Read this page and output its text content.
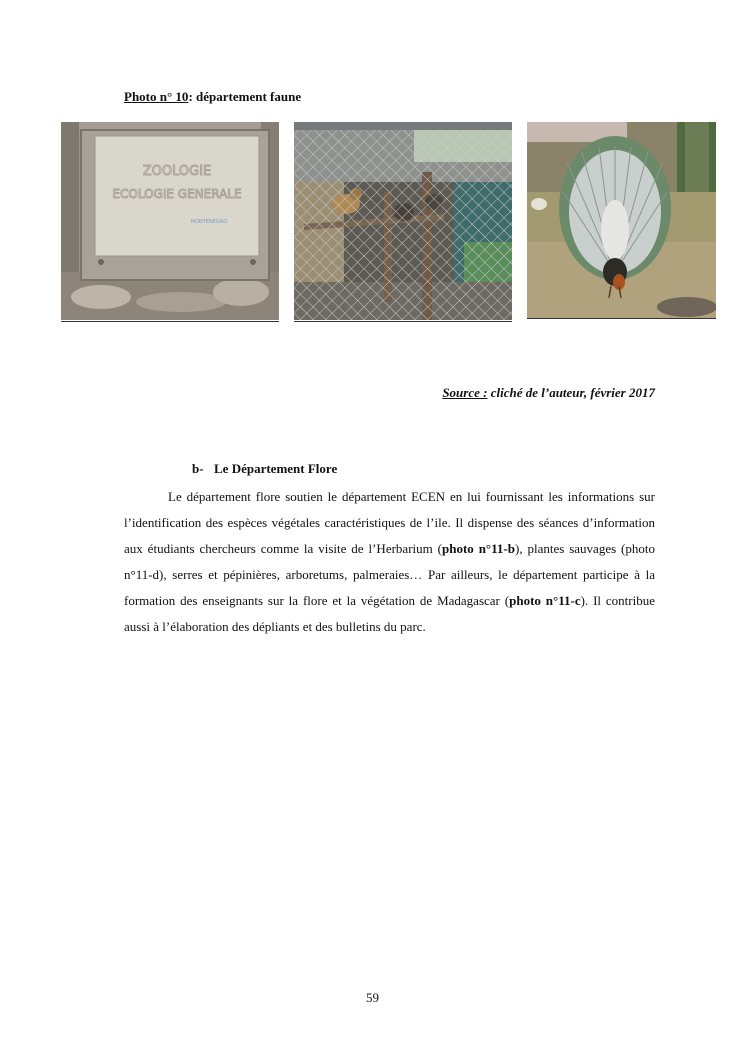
Photo n° 10: département faune
ZOOLOGIE
ECOLOGIE GENERALE
MONTENEGRO
Source : cliché de l’auteur, février 2017
b- Le Département Flore
Le département flore soutien le département ECEN en lui fournissant les informations sur l’identification des espèces végétales caractéristiques de l’ile. Il dispense des séances d’information aux étudiants chercheurs comme la visite de l’Herbarium (photo n°11-b), plantes sauvages (photo n°11-d), serres et pépinières, arboretums, palmeraies… Par ailleurs, le département participe à la formation des enseignants sur la flore et la végétation de Madagascar (photo n°11-c). Il contribue aussi à l’élaboration des dépliants et des bulletins du parc.
59
